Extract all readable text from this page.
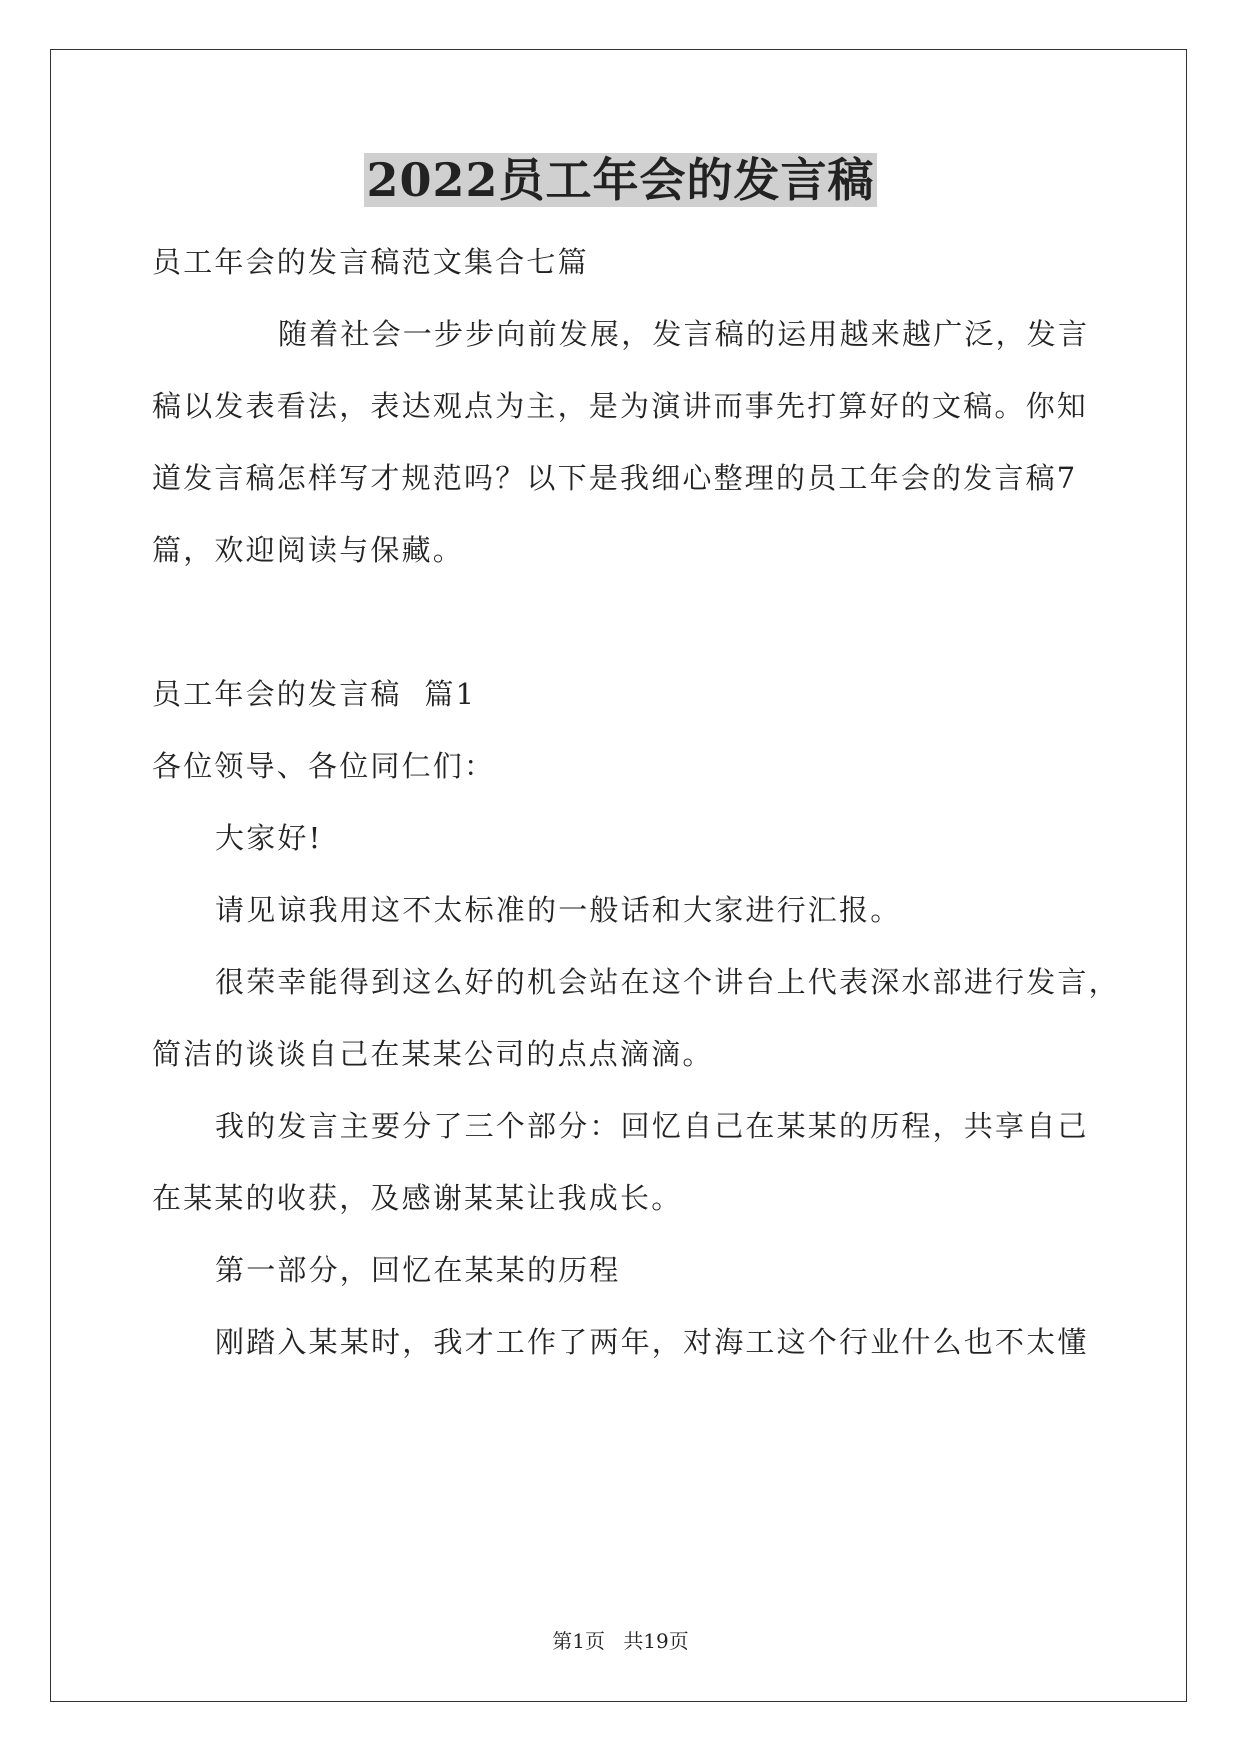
2022员工年会的发言稿
员工年会的发言稿范文集合七篇
随着社会一步步向前发展，发言稿的运用越来越广泛，发言
稿以发表看法，表达观点为主，是为演讲而事先打算好的文稿。你知
道发言稿怎样写才规范吗？以下是我细心整理的员工年会的发言稿7
篇，欢迎阅读与保藏。
员工年会的发言稿  篇1
各位领导、各位同仁们：
大家好!
请见谅我用这不太标准的一般话和大家进行汇报。
很荣幸能得到这么好的机会站在这个讲台上代表深水部进行发言，
简洁的谈谈自己在某某公司的点点滴滴。
我的发言主要分了三个部分：回忆自己在某某的历程，共享自己
在某某的收获，及感谢某某让我成长。
第一部分，回忆在某某的历程
刚踏入某某时，我才工作了两年，对海工这个行业什么也不太懂
第1页 共19页
